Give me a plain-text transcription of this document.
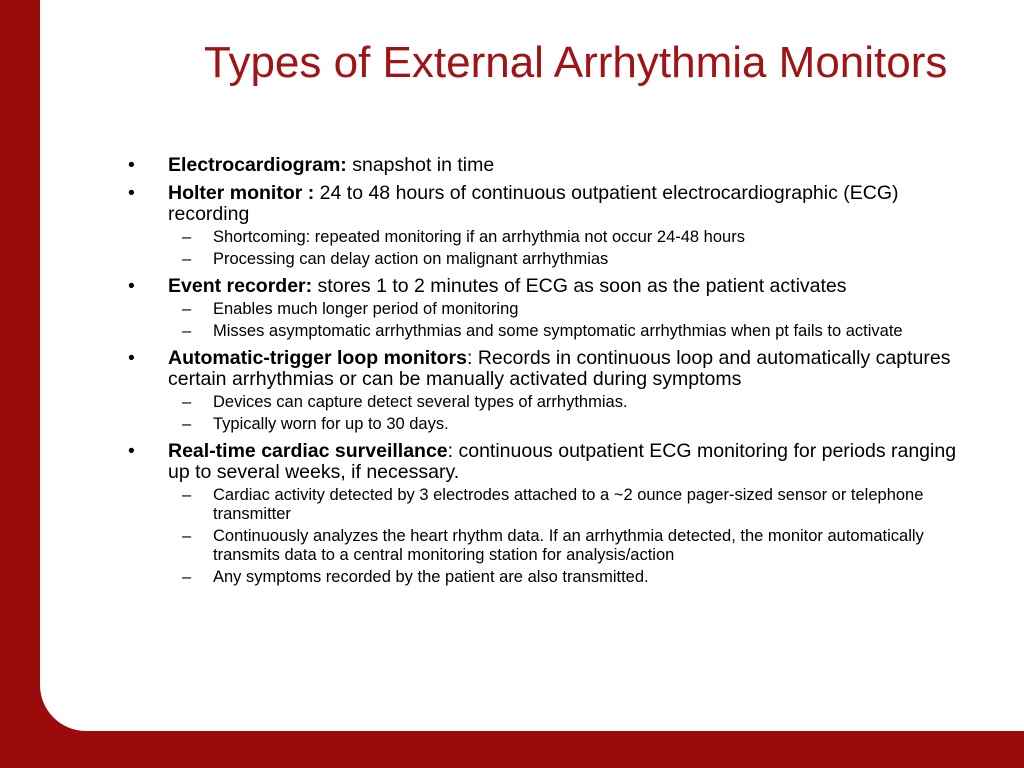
Types of External Arrhythmia Monitors
• Electrocardiogram: snapshot in time
• Holter monitor : 24 to 48 hours of continuous outpatient electrocardiographic (ECG) recording
– Shortcoming: repeated monitoring if an arrhythmia not occur 24-48 hours
– Processing can delay action on malignant arrhythmias
• Event recorder: stores 1 to 2 minutes of ECG as soon as the patient activates
– Enables much longer period of monitoring
– Misses asymptomatic arrhythmias and some symptomatic arrhythmias when pt fails to activate
• Automatic-trigger loop monitors: Records in continuous loop and automatically captures certain arrhythmias or can be manually activated during symptoms
– Devices can capture detect several types of arrhythmias.
– Typically worn for up to 30 days.
• Real-time cardiac surveillance: continuous outpatient ECG monitoring for periods ranging up to several weeks, if necessary.
– Cardiac activity detected by 3 electrodes attached to a ~2 ounce pager-sized sensor or telephone transmitter
– Continuously analyzes the heart rhythm data. If an arrhythmia detected, the monitor automatically transmits data to a central monitoring station for analysis/action
– Any symptoms recorded by the patient are also transmitted.
